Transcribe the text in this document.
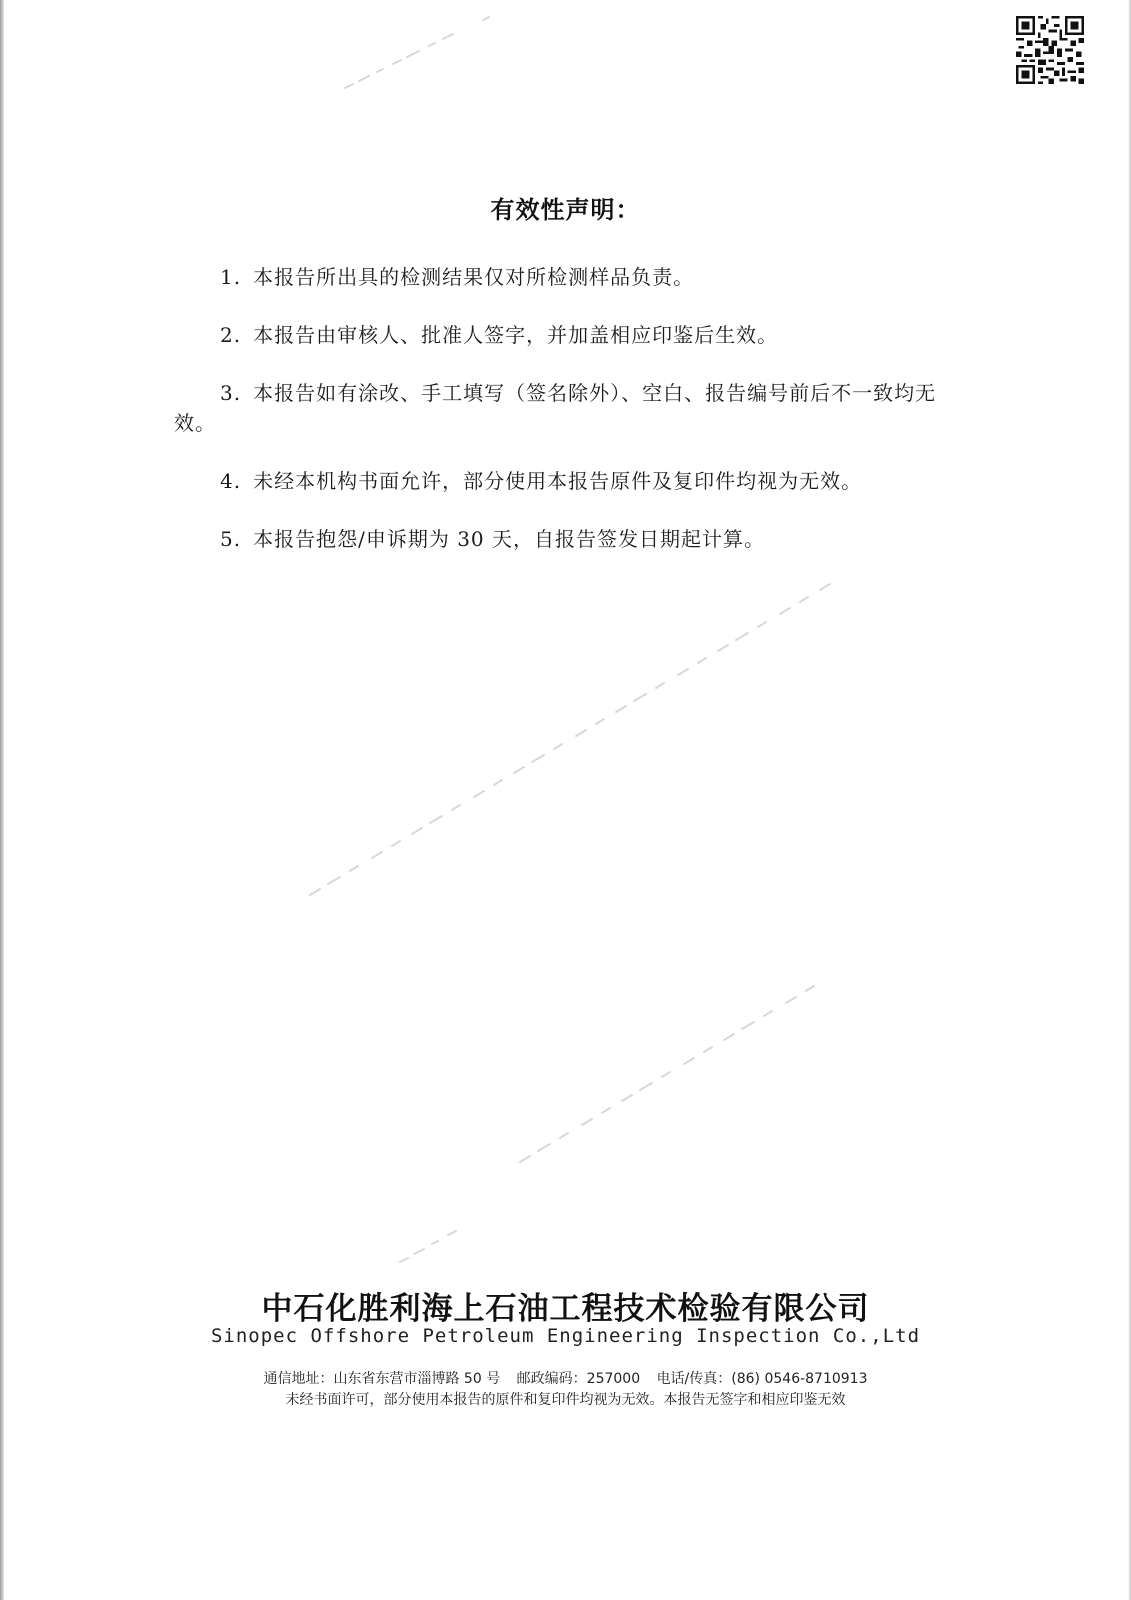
有效性声明：

1. 本报告所出具的检测结果仅对所检测样品负责。

2. 本报告由审核人、批准人签字，并加盖相应印鉴后生效。

3. 本报告如有涂改、手工填写（签名除外）、空白、报告编号前后不一致均无效。

4. 未经本机构书面允许，部分使用本报告原件及复印件均视为无效。

5. 本报告抱怨/申诉期为 30 天，自报告签发日期起计算。

中石化胜利海上石油工程技术检验有限公司
Sinopec Offshore Petroleum Engineering Inspection Co.,Ltd
通信地址：山东省东营市淄博路 50 号 邮政编码：257000 电话/传真：(86) 0546-8710913
未经书面许可，部分使用本报告的原件和复印件均视为无效。本报告无签字和相应印鉴无效
